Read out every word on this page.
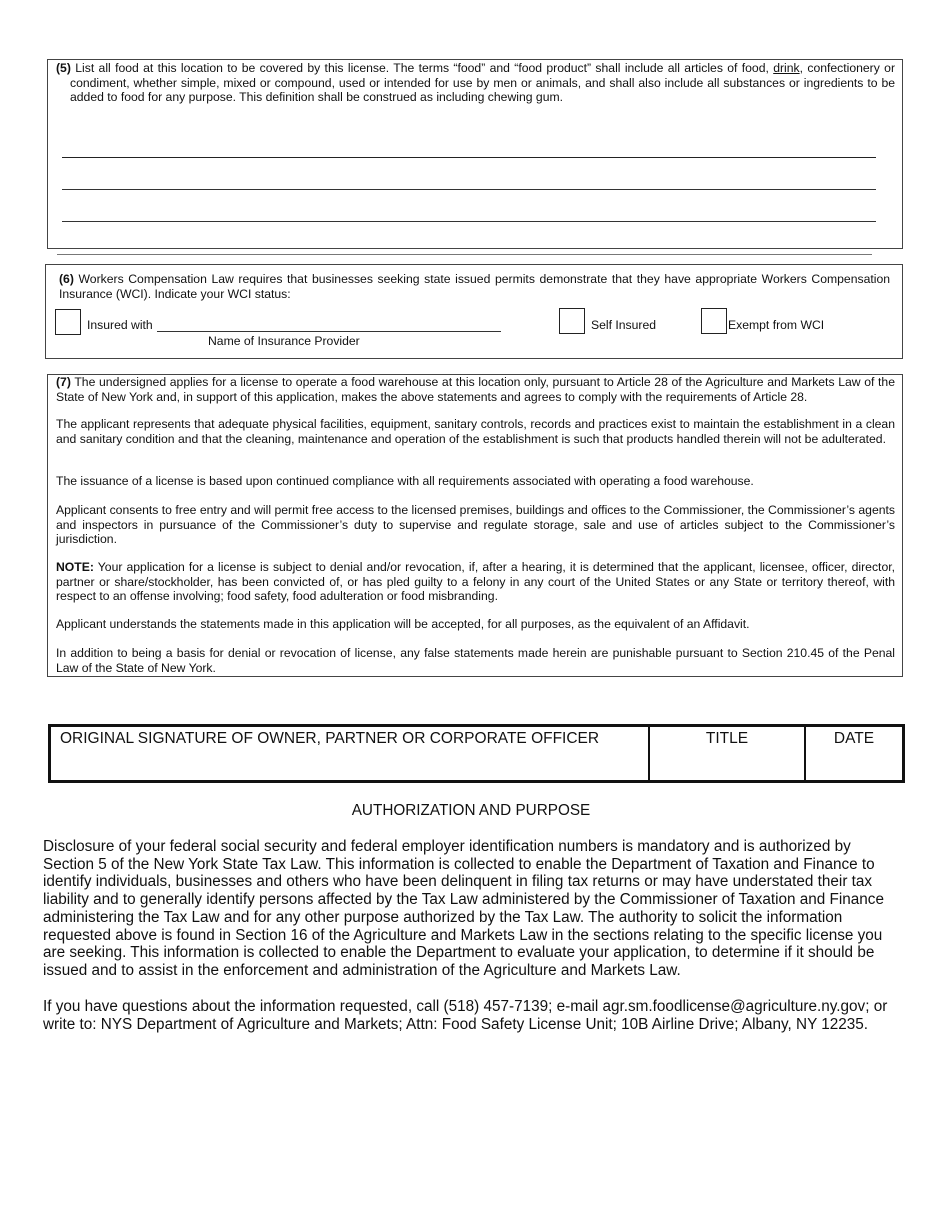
(5) List all food at this location to be covered by this license. The terms “food” and “food product” shall include all articles of food, drink, confectionery or condiment, whether simple, mixed or compound, used or intended for use by men or animals, and shall also include all substances or ingredients to be added to food for any purpose. This definition shall be construed as including chewing gum.
(6) Workers Compensation Law requires that businesses seeking state issued permits demonstrate that they have appropriate Workers Compensation Insurance (WCI). Indicate your WCI status:
Insured with
Name of Insurance Provider
Self Insured	Exempt from WCI
(7) The undersigned applies for a license to operate a food warehouse at this location only, pursuant to Article 28 of the Agriculture and Markets Law of the State of New York and, in support of this application, makes the above statements and agrees to comply with the requirements of Article 28.
The applicant represents that adequate physical facilities, equipment, sanitary controls, records and practices exist to maintain the establishment in a clean and sanitary condition and that the cleaning, maintenance and operation of the establishment is such that products handled therein will not be adulterated.
The issuance of a license is based upon continued compliance with all requirements associated with operating a food warehouse.
Applicant consents to free entry and will permit free access to the licensed premises, buildings and offices to the Commissioner, the Commissioner’s agents and inspectors in pursuance of the Commissioner’s duty to supervise and regulate storage, sale and use of articles subject to the Commissioner’s jurisdiction.
NOTE: Your application for a license is subject to denial and/or revocation, if, after a hearing, it is determined that the applicant, licensee, officer, director, partner or share/stockholder, has been convicted of, or has pled guilty to a felony in any court of the United States or any State or territory thereof, with respect to an offense involving; food safety, food adulteration or food misbranding.
Applicant understands the statements made in this application will be accepted, for all purposes, as the equivalent of an Affidavit.
In addition to being a basis for denial or revocation of license, any false statements made herein are punishable pursuant to Section 210.45 of the Penal Law of the State of New York.
ORIGINAL SIGNATURE OF OWNER, PARTNER OR CORPORATE OFFICER	TITLE	DATE
AUTHORIZATION AND PURPOSE
Disclosure of your federal social security and federal employer identification numbers is mandatory and is authorized by Section 5 of the New York State Tax Law. This information is collected to enable the Department of Taxation and Finance to identify individuals, businesses and others who have been delinquent in filing tax returns or may have understated their tax liability and to generally identify persons affected by the Tax Law administered by the Commissioner of Taxation and Finance administering the Tax Law and for any other purpose authorized by the Tax Law. The authority to solicit the information requested above is found in Section 16 of the Agriculture and Markets Law in the sections relating to the specific license you are seeking. This information is collected to enable the Department to evaluate your application, to determine if it should be issued and to assist in the enforcement and administration of the Agriculture and Markets Law.
If you have questions about the information requested, call (518) 457-7139; e-mail agr.sm.foodlicense@agriculture.ny.gov; or write to: NYS Department of Agriculture and Markets; Attn: Food Safety License Unit; 10B Airline Drive; Albany, NY 12235.
